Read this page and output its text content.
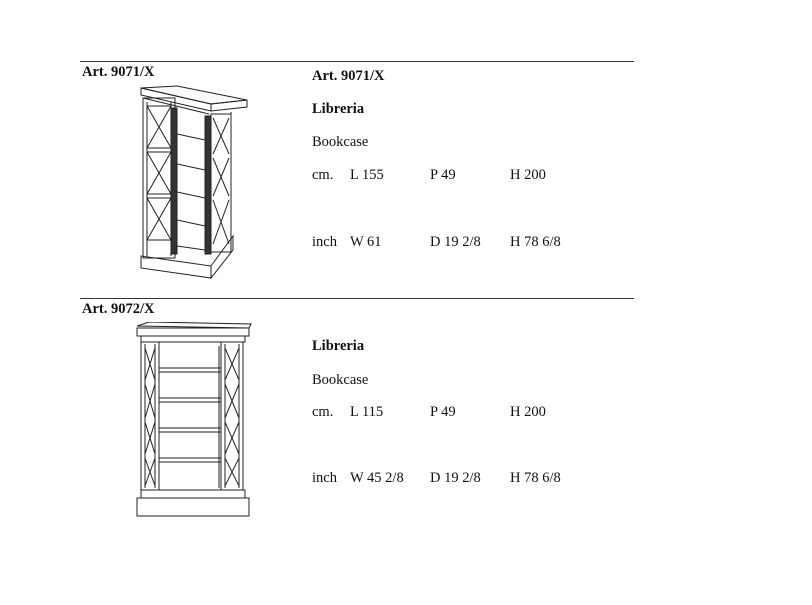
Art. 9071/X	Art. 9071/X
Libreria
Bookcase
cm. L 155	P 49	H 200
inch W 61	D 19 2/8 H 78 6/8
Art. 9072/X
Libreria
Bookcase
cm. L 115	P 49	H 200
inch W 45 2/8 D 19 2/8 H 78 6/8
